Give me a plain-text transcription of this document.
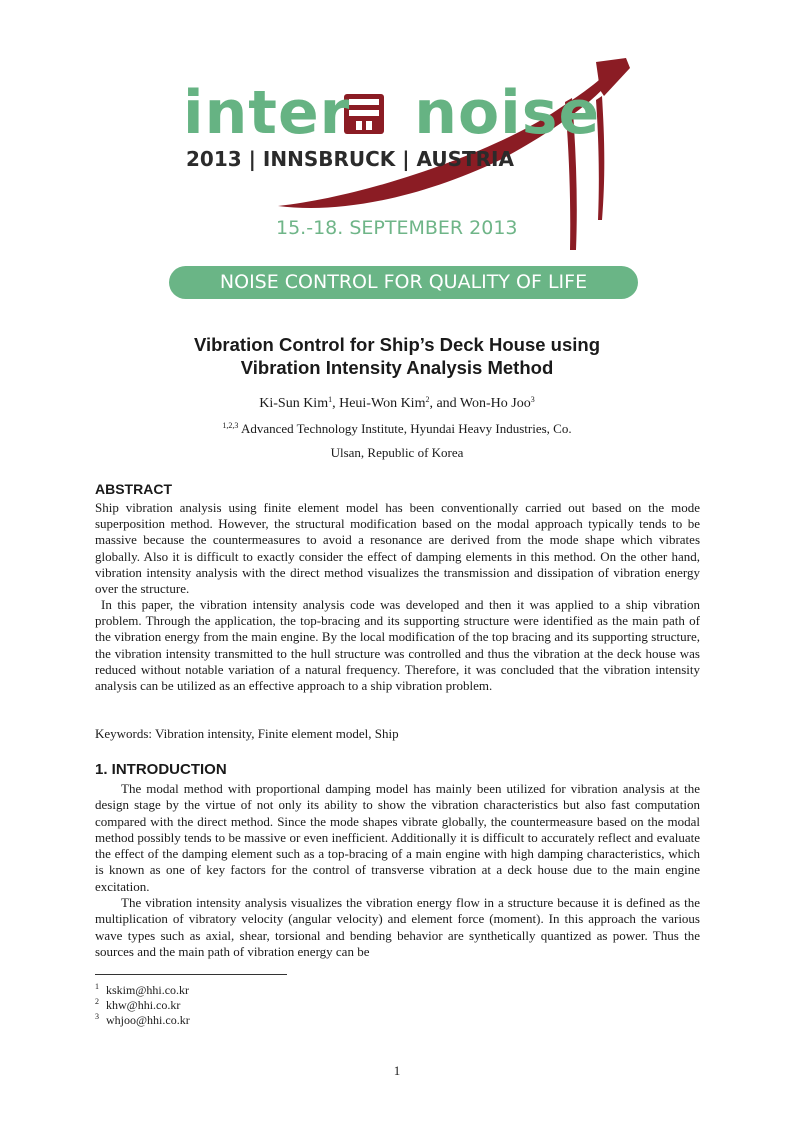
inter noise
2013 | INNSBRUCK | AUSTRIA
15.-18. SEPTEMBER 2013
NOISE CONTROL FOR QUALITY OF LIFE
Vibration Control for Ship’s Deck House using
Vibration Intensity Analysis Method
Ki-Sun Kim$^1$, Heui-Won Kim$^2$, and Won-Ho Joo$^3$
$^{1,2,3}$ Advanced Technology Institute, Hyundai Heavy Industries, Co.
Ulsan, Republic of Korea
ABSTRACT

Ship vibration analysis using finite element model has been conventionally carried out based on the mode superposition method. However, the structural modification based on the modal approach typically tends to be massive because the countermeasures to avoid a resonance are derived from the mode shape which vibrates globally. Also it is difficult to exactly consider the effect of damping elements in this method. On the other hand, vibration intensity analysis with the direct method visualizes the transmission and dissipation of vibration energy over the structure.

In this paper, the vibration intensity analysis code was developed and then it was applied to a ship vibration problem. Through the application, the top-bracing and its supporting structure were identified as the main path of the vibration energy from the main engine. By the local modification of the top bracing and its supporting structure, the vibration intensity transmitted to the hull structure was controlled and thus the vibration at the deck house was reduced without notable variation of a natural frequency. Therefore, it was concluded that the vibration intensity analysis can be utilized as an effective approach to a ship vibration problem.

Keywords: Vibration intensity, Finite element model, Ship

1. INTRODUCTION

The modal method with proportional damping model has mainly been utilized for vibration analysis at the design stage by the virtue of not only its ability to show the vibration characteristics but also fast computation compared with the direct method. Since the mode shapes vibrate globally, the countermeasure based on the modal method possibly tends to be massive or even inefficient. Additionally it is difficult to accurately reflect and evaluate the effect of the damping element such as a top-bracing of a main engine with high damping characteristics, which is known as one of key factors for the control of transverse vibration at a deck house due to the main engine excitation.

The vibration intensity analysis visualizes the vibration energy flow in a structure because it is defined as the multiplication of vibratory velocity (angular velocity) and element force (moment). In this approach the various wave types such as axial, shear, torsional and bending behavior are synthetically quantized as power. Thus the sources and the main path of vibration energy can be

$^1$ kskim@hhi.co.kr
$^2$ khw@hhi.co.kr
$^3$ whjoo@hhi.co.kr
1
